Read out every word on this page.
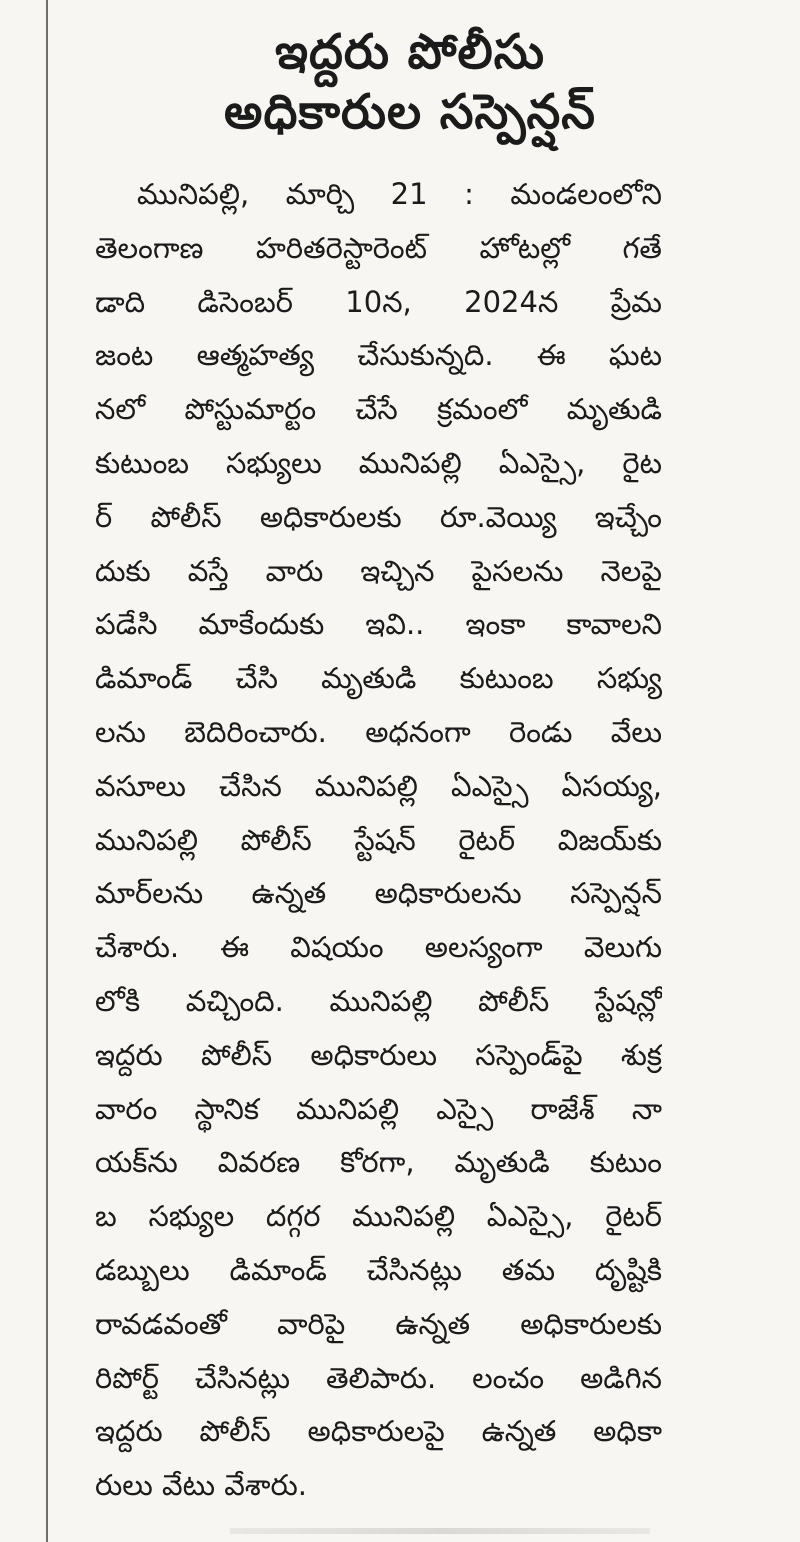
ఇద్దరు పోలీసు
అధికారుల సస్పెన్షన్
మునిపల్లి, మార్చి 21 : మండలంలోని
తెలంగాణ హరితరెస్టారెంట్ హోటల్లో గతే
డాది డిసెంబర్ 10న, 2024న ప్రేమ
జంట ఆత్మహత్య చేసుకున్నది. ఈ ఘట
నలో పోస్టుమార్టం చేసే క్రమంలో మృతుడి
కుటుంబ సభ్యులు మునిపల్లి ఏఎస్సై, రైట
ర్ పోలీస్ అధికారులకు రూ.వెయ్యి ఇచ్చేం
దుకు వస్తే వారు ఇచ్చిన పైసలను నెలపై
పడేసి మాకేందుకు ఇవి.. ఇంకా కావాలని
డిమాండ్ చేసి మృతుడి కుటుంబ సభ్యు
లను బెదిరించారు. అధనంగా రెండు వేలు
వసూలు చేసిన మునిపల్లి ఏఎస్సై ఏసయ్య,
మునిపల్లి పోలీస్ స్టేషన్ రైటర్ విజయ్‌కు
మార్‌లను ఉన్నత అధికారులను సస్పెన్షన్
చేశారు. ఈ విషయం అలస్యంగా వెలుగు
లోకి వచ్చింది. మునిపల్లి పోలీస్ స్టేషన్లో
ఇద్దరు పోలీస్ అధికారులు సస్పెండ్‌పై శుక్ర
వారం స్థానిక మునిపల్లి ఎస్సై రాజేశ్ నా
యక్‌ను వివరణ కోరగా, మృతుడి కుటుం
బ సభ్యుల దగ్గర మునిపల్లి ఏఎస్సై, రైటర్
డబ్బులు డిమాండ్ చేసినట్లు తమ దృష్టికి
రావడవంతో వారిపై ఉన్నత అధికారులకు
రిపోర్ట్ చేసినట్లు తెలిపారు. లంచం అడిగిన
ఇద్దరు పోలీస్ అధికారులపై ఉన్నత అధికా
రులు వేటు వేశారు.
